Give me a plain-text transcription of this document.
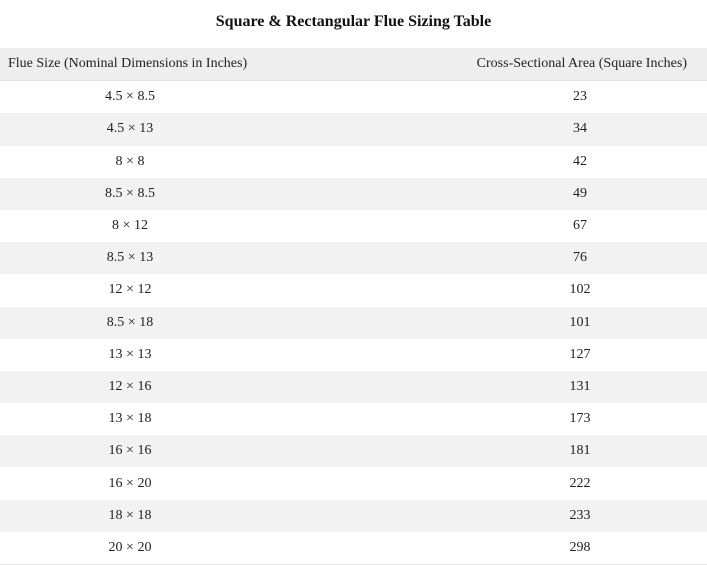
Square & Rectangular Flue Sizing Table
Flue Size (Nominal Dimensions in Inches)	Cross-Sectional Area (Square Inches)
4.5 × 8.5	23
4.5 × 13	34
8 × 8	42
8.5 × 8.5	49
8 × 12	67
8.5 × 13	76
12 × 12	102
8.5 × 18	101
13 × 13	127
12 × 16	131
13 × 18	173
16 × 16	181
16 × 20	222
18 × 18	233
20 × 20	298
